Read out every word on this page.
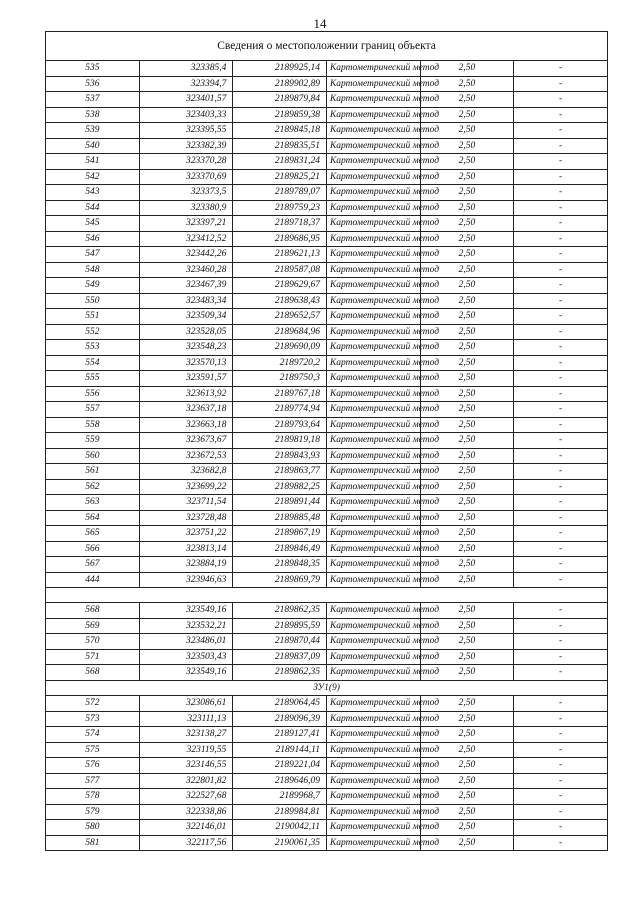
14
Сведения о местоположении границ объекта					
535	323385,4	2189925,14	Картометрический метод	2,50	-
536	323394,7	2189902,89	Картометрический метод	2,50	-
537	323401,57	2189879,84	Картометрический метод	2,50	-
538	323403,33	2189859,38	Картометрический метод	2,50	-
539	323395,55	2189845,18	Картометрический метод	2,50	-
540	323382,39	2189835,51	Картометрический метод	2,50	-
541	323370,28	2189831,24	Картометрический метод	2,50	-
542	323370,69	2189825,21	Картометрический метод	2,50	-
543	323373,5	2189789,07	Картометрический метод	2,50	-
544	323380,9	2189759,23	Картометрический метод	2,50	-
545	323397,21	2189718,37	Картометрический метод	2,50	-
546	323412,52	2189686,95	Картометрический метод	2,50	-
547	323442,26	2189621,13	Картометрический метод	2,50	-
548	323460,28	2189587,08	Картометрический метод	2,50	-
549	323467,39	2189629,67	Картометрический метод	2,50	-
550	323483,34	2189638,43	Картометрический метод	2,50	-
551	323509,34	2189652,57	Картометрический метод	2,50	-
552	323528,05	2189684,96	Картометрический метод	2,50	-
553	323548,23	2189690,09	Картометрический метод	2,50	-
554	323570,13	2189720,2	Картометрический метод	2,50	-
555	323591,57	2189750,3	Картометрический метод	2,50	-
556	323613,92	2189767,18	Картометрический метод	2,50	-
557	323637,18	2189774,94	Картометрический метод	2,50	-
558	323663,18	2189793,64	Картометрический метод	2,50	-
559	323673,67	2189819,18	Картометрический метод	2,50	-
560	323672,53	2189843,93	Картометрический метод	2,50	-
561	323682,8	2189863,77	Картометрический метод	2,50	-
562	323699,22	2189882,25	Картометрический метод	2,50	-
563	323711,54	2189891,44	Картометрический метод	2,50	-
564	323728,48	2189885,48	Картометрический метод	2,50	-
565	323751,22	2189867,19	Картометрический метод	2,50	-
566	323813,14	2189846,49	Картометрический метод	2,50	-
567	323884,19	2189848,35	Картометрический метод	2,50	-
444	323946,63	2189869,79	Картометрический метод	2,50	-

568	323549,16	2189862,35	Картометрический метод	2,50	-
569	323532,21	2189895,59	Картометрический метод	2,50	-
570	323486,01	2189870,44	Картометрический метод	2,50	-
571	323503,43	2189837,09	Картометрический метод	2,50	-
568	323549,16	2189862,35	Картометрический метод	2,50	-
ЗУ1(9)					
572	323086,61	2189064,45	Картометрический метод	2,50	-
573	323111,13	2189096,39	Картометрический метод	2,50	-
574	323138,27	2189127,41	Картометрический метод	2,50	-
575	323119,55	2189144,11	Картометрический метод	2,50	-
576	323146,55	2189221,04	Картометрический метод	2,50	-
577	322801,82	2189646,09	Картометрический метод	2,50	-
578	322527,68	2189968,7	Картометрический метод	2,50	-
579	322338,86	2189984,81	Картометрический метод	2,50	-
580	322146,01	2190042,11	Картометрический метод	2,50	-
581	322117,56	2190061,35	Картометрический метод	2,50	-
